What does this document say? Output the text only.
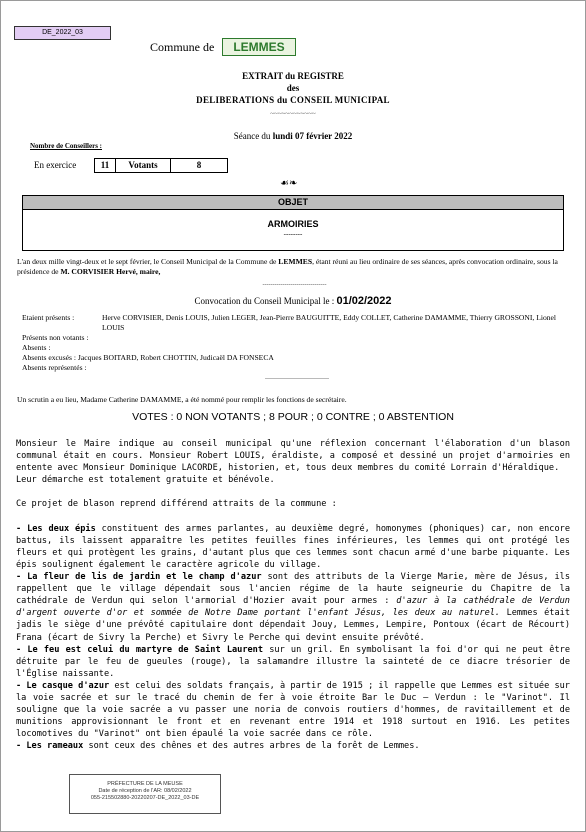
DE_2022_03
Commune de	LEMMES
EXTRAIT du REGISTRE
des
DELIBERATIONS du CONSEIL MUNICIPAL
~~~~~~~~~~~~
Séance du lundi 07 février 2022
Nombre de Conseillers :
En exercice	11	Votants	8
☙❧
OBJET
ARMOIRIES
--------
L'an deux mille vingt-deux et le sept février, le Conseil Municipal de la Commune de LEMMES, étant réuni au lieu ordinaire de ses séances, après convocation ordinaire, sous la présidence de M. CORVISIER Hervé, maire,
--------------------------------
Convocation du Conseil Municipal le : 01/02/2022
Etaient présents :	Herve CORVISIER, Denis LOUIS, Julien LEGER, Jean-Pierre BAUGUITTE, Eddy COLLET, Catherine DAMAMME, Thierry GROSSONI, Lionel LOUIS
Présents non votants :
Absents :
Absents excusés : Jacques BOITARD, Robert CHOTTIN, Judicaël DA FONSECA
Absents représentés :
--------------------------------
Un scrutin a eu lieu, Madame Catherine DAMAMME, a été nommé pour remplir les fonctions de secrétaire.
VOTES : 0 NON VOTANTS ; 8 POUR ; 0 CONTRE ; 0 ABSTENTION

Monsieur le Maire indique au conseil municipal qu'une réflexion concernant l'élaboration d'un blason communal était en cours. Monsieur Robert LOUIS, éraldiste, a composé et dessiné un projet d'armoiries en entente avec Monsieur Dominique LACORDE, historien, et, tous deux membres du comité Lorrain d'Héraldique.

Leur démarche est totalement gratuite et bénévole.

Ce projet de blason reprend différend attraits de la commune :

- Les deux épis constituent des armes parlantes, au deuxième degré, homonymes (phoniques) car, non encore battus, ils laissent apparaître les petites feuilles fines inférieures, les lemmes qui ont protégé les fleurs et qui protègent les grains, d'autant plus que ces lemmes sont chacun armé d'une barbe piquante. Les épis soulignent également le caractère agricole du village.

- La fleur de lis de jardin et le champ d'azur sont des attributs de la Vierge Marie, mère de Jésus, ils rappellent que le village dépendait sous l'ancien régime de la haute seigneurie du Chapitre de la cathédrale de Verdun qui selon l'armorial d'Hozier avait pour armes : d'azur à la cathédrale de Verdun d'argent ouverte d'or et sommée de Notre Dame portant l'enfant Jésus, les deux au naturel. Lemmes était jadis le siège d'une prévôté capitulaire dont dépendait Jouy, Lemmes, Lempire, Pontoux (écart de Récourt) Frana (écart de Sivry la Perche) et Sivry le Perche qui devint ensuite prévôté.

- Le feu est celui du martyre de Saint Laurent sur un gril. En symbolisant la foi d'or qui ne peut être détruite par le feu de gueules (rouge), la salamandre illustre la sainteté de ce diacre trésorier de l'Église naissante.

- Le casque d'azur est celui des soldats français, à partir de 1915 ; il rappelle que Lemmes est située sur la voie sacrée et sur le tracé du chemin de fer à voie étroite Bar le Duc – Verdun : le "Varinot". Il souligne que la voie sacrée a vu passer une noria de convois routiers d'hommes, de ravitaillement et de munitions approvisionnant le front et en revenant entre 1914 et 1918 surtout en 1916. Les petites locomotives du "Varinot" ont bien épaulé la voie sacrée dans ce rôle.

- Les rameaux sont ceux des chênes et des autres arbres de la forêt de Lemmes.

PRÉFECTURE DE LA MEUSE
Date de réception de l'AR: 08/02/2022
055-215502880-20220207-DE_2022_03-DE
